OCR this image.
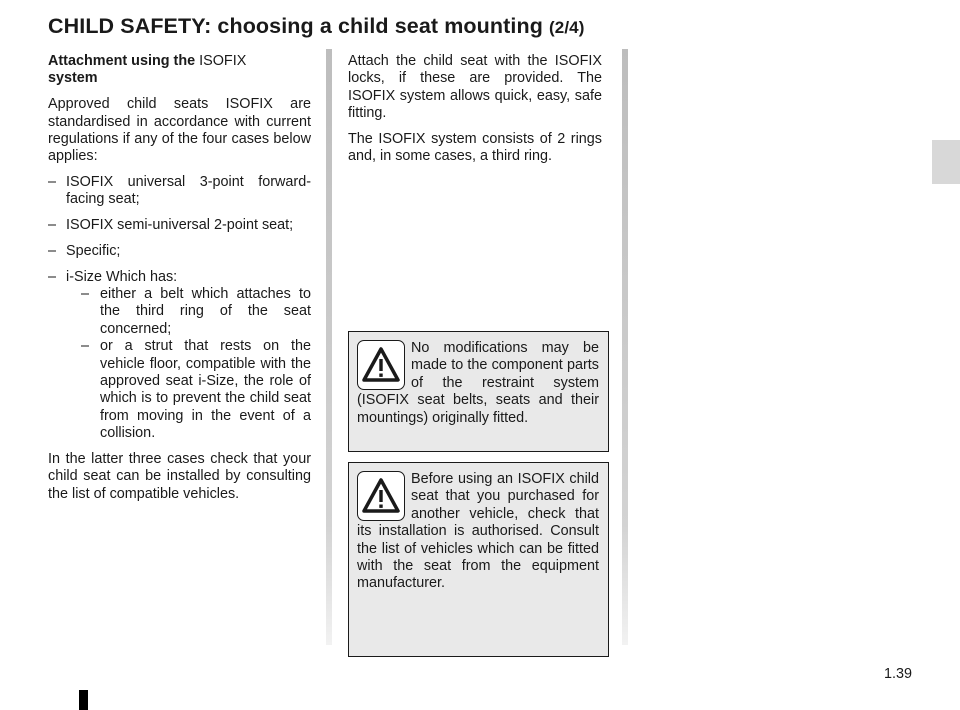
CHILD SAFETY: choosing a child seat mounting (2/4)

Attachment using the ISOFIX
system

Approved child seats ISOFIX are standardised in accordance with current regulations if any of the four cases below applies:

– ISOFIX universal 3-point forward-facing seat;
– ISOFIX semi-universal 2-point seat;
– Specific;
– i-Size Which has:
– either a belt which attaches to the third ring of the seat concerned;
– or a strut that rests on the vehicle floor, compatible with the approved seat i-Size, the role of which is to prevent the child seat from moving in the event of a collision.

In the latter three cases check that your child seat can be installed by consulting the list of compatible vehicles.

Attach the child seat with the ISOFIX locks, if these are provided. The ISOFIX system allows quick, easy, safe fitting.

The ISOFIX system consists of 2 rings and, in some cases, a third ring.

No modifications may be made to the component parts of the restraint system (ISOFIX seat belts, seats and their mountings) originally fitted.
Before using an ISOFIX child seat that you purchased for another vehicle, check that its installation is authorised. Consult the list of vehicles which can be fitted with the seat from the equipment manufacturer.
1.39
